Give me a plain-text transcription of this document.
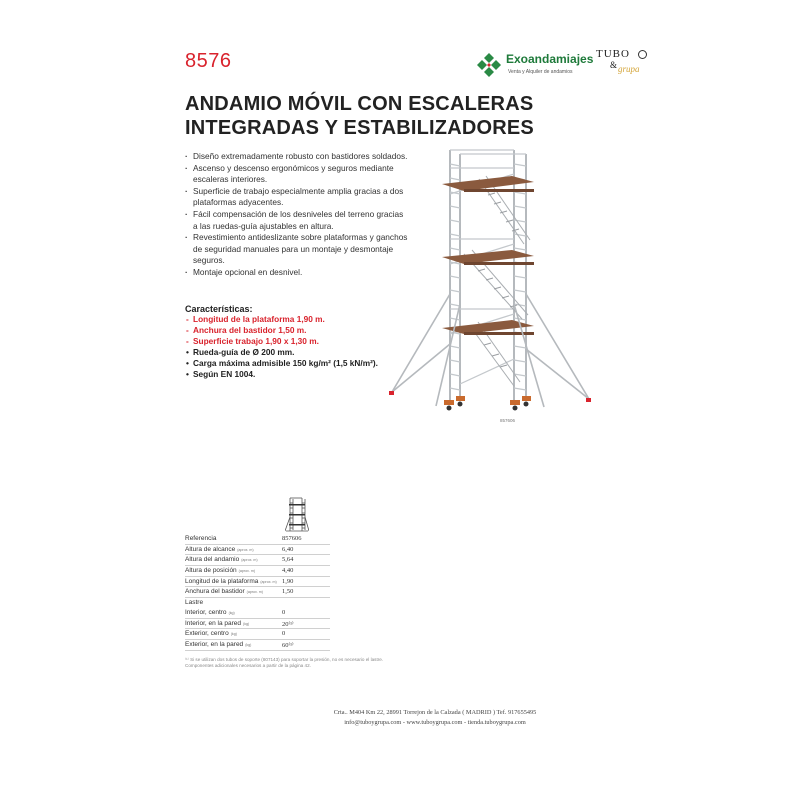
8576	Exoandamiajes
Venta y Alquiler de andamios
TUBO
& grupa
ANDAMIO MÓVIL CON ESCALERAS
INTEGRADAS Y ESTABILIZADORES
· Diseño extremadamente robusto con bastidores soldados.
· Ascenso y descenso ergonómicos y seguros mediante escaleras interiores.
· Superficie de trabajo especialmente amplia gracias a dos plataformas adyacentes.
· Fácil compensación de los desniveles del terreno gracias a las ruedas-guía ajustables en altura.
· Revestimiento antideslizante sobre plataformas y ganchos de seguridad manuales para un montaje y desmontaje seguros.
· Montaje opcional en desnivel.
Características:
- Longitud de la plataforma 1,90 m.
- Anchura del bastidor 1,50 m.
- Superficie trabajo 1,90 x 1,30 m.
• Rueda-guía de Ø 200 mm.
• Carga máxima admisible 150 kg/m² (1,5 kN/m²).
• Según EN 1004.
857606
Referencia	857606
Altura de alcance (aprox. m)	6,40
Altura del andamio (aprox. m)	5,64
Altura de posición (aprox. m)	4,40
Longitud de la plataforma (aprox. m) 1,90
Anchura del bastidor (aprox. m)	1,50
Lastre
Interior, centro (kg)	0
Interior, en la pared (kg)	20⁽¹⁾
Exterior, centro (kg)	0
Exterior, en la pared (kg)	60⁽¹⁾
⁽¹⁾ Si se utilizan dos tubos de soporte (807143) para soportar la presión, no es necesario el lastre.
Componentes adicionales necesarios a partir de la página 42.
Crta.. M404 Km 22, 28991 Torrejon de la Calzada ( MADRID ) Tef. 917655495
info@tuboygrupa.com - www.tuboygrupa.com - tienda.tuboygrupa.com
